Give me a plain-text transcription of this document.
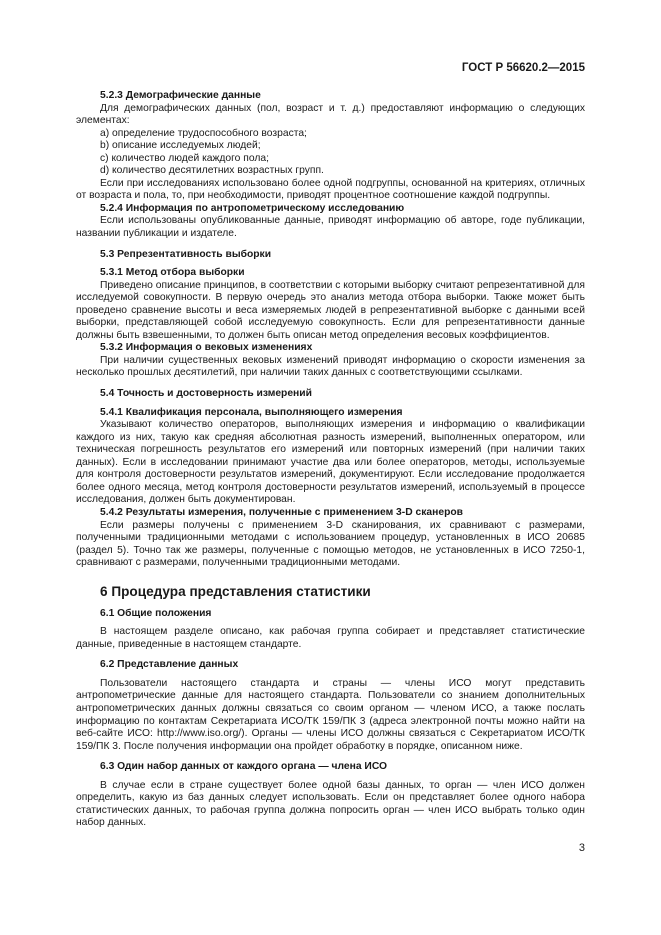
ГОСТ Р 56620.2—2015

5.2.3 Демографические данные

Для демографических данных (пол, возраст и т. д.) предоставляют информацию о следующих элементах:

а) определение трудоспособного возраста;

b) описание исследуемых людей;

c) количество людей каждого пола;

d) количество десятилетних возрастных групп.

Если при исследованиях использовано более одной подгруппы, основанной на критериях, отличных от возраста и пола, то, при необходимости, приводят процентное соотношение каждой подгруппы.

5.2.4 Информация по антропометрическому исследованию

Если использованы опубликованные данные, приводят информацию об авторе, годе публикации, названии публикации и издателе.

5.3 Репрезентативность выборки

5.3.1 Метод отбора выборки

Приведено описание принципов, в соответствии с которыми выборку считают репрезентативной для исследуемой совокупности. В первую очередь это анализ метода отбора выборки. Также может быть проведено сравнение высоты и веса измеряемых людей в репрезентативной выборке с данными всей выборки, представляющей собой исследуемую совокупность. Если для репрезентативности данные должны быть взвешенными, то должен быть описан метод определения весовых коэффициентов.

5.3.2 Информация о вековых изменениях

При наличии существенных вековых изменений приводят информацию о скорости изменения за несколько прошлых десятилетий, при наличии таких данных с соответствующими ссылками.

5.4 Точность и достоверность измерений

5.4.1 Квалификация персонала, выполняющего измерения

Указывают количество операторов, выполняющих измерения и информацию о квалификации каждого из них, такую как средняя абсолютная разность измерений, выполненных оператором, или техническая погрешность результатов его измерений или повторных измерений (при наличии таких данных). Если в исследовании принимают участие два или более операторов, методы, используемые для контроля достоверности результатов измерений, документируют. Если исследование продолжается более одного месяца, метод контроля достоверности результатов измерений, используемый в процессе исследования, должен быть документирован.

5.4.2 Результаты измерения, полученные с применением 3-D сканеров

Если размеры получены с применением 3-D сканирования, их сравнивают с размерами, полученными традиционными методами с использованием процедур, установленных в ИСО 20685 (раздел 5). Точно так же размеры, полученные с помощью методов, не установленных в ИСО 7250-1, сравнивают с размерами, полученными традиционными методами.

6 Процедура представления статистики

6.1 Общие положения

В настоящем разделе описано, как рабочая группа собирает и представляет статистические данные, приведенные в настоящем стандарте.

6.2 Представление данных

Пользователи настоящего стандарта и страны — члены ИСО могут представить антропометрические данные для настоящего стандарта. Пользователи со знанием дополнительных антропометрических данных должны связаться со своим органом — членом ИСО, а также послать информацию по контактам Секретариата ИСО/ТК 159/ПК 3 (адреса электронной почты можно найти на веб-сайте ИСО: http://www.iso.org/). Органы — члены ИСО должны связаться с Секретариатом ИСО/ТК 159/ПК 3. После получения информации она пройдет обработку в порядке, описанном ниже.

6.3 Один набор данных от каждого органа — члена ИСО

В случае если в стране существует более одной базы данных, то орган — член ИСО должен определить, какую из баз данных следует использовать. Если он представляет более одного набора статистических данных, то рабочая группа должна попросить орган — член ИСО выбрать только один набор данных.

3
